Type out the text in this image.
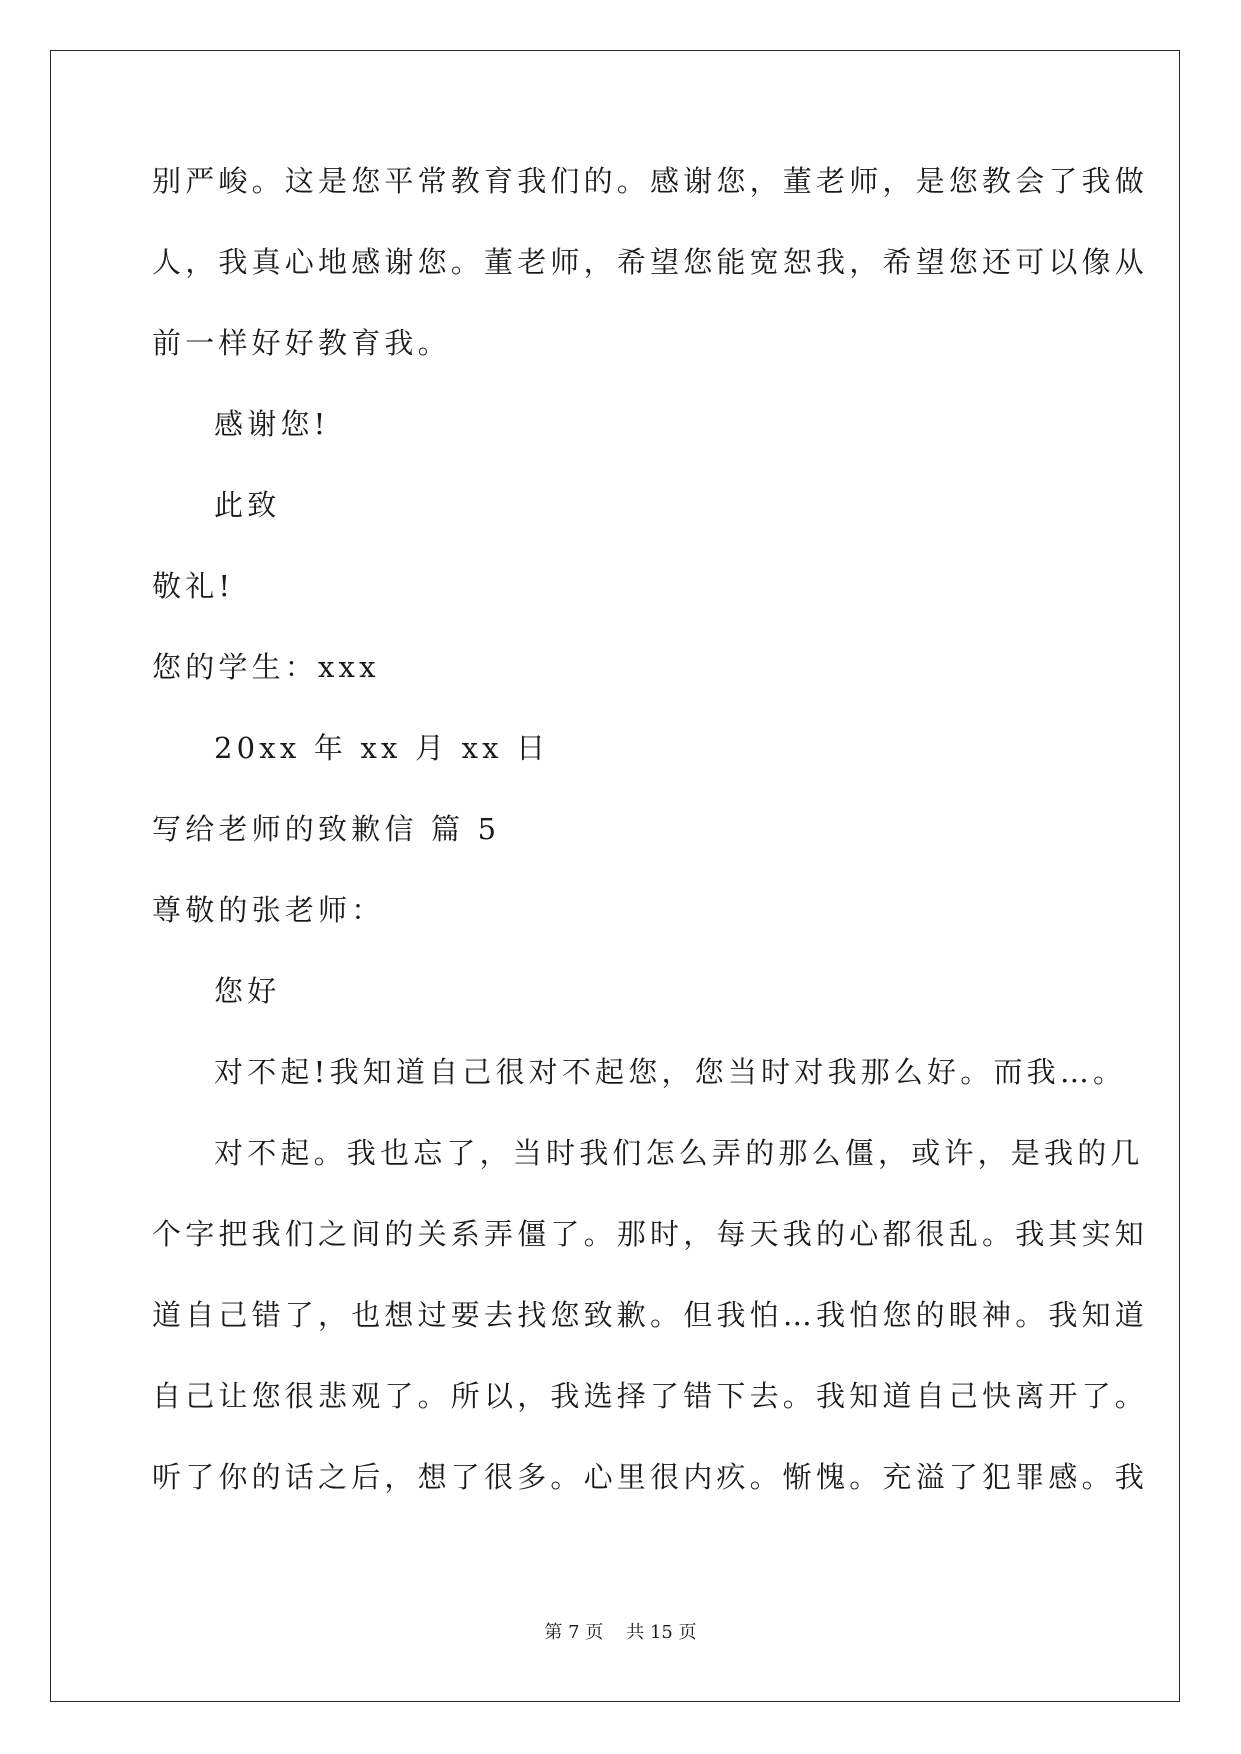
别严峻。这是您平常教育我们的。感谢您，董老师，是您教会了我做
人，我真心地感谢您。董老师，希望您能宽恕我，希望您还可以像从
前一样好好教育我。
感谢您!
此致
敬礼!
您的学生：xxx
20xx 年 xx 月 xx 日
写给老师的致歉信 篇 5
尊敬的张老师：
您好
对不起!我知道自己很对不起您，您当时对我那么好。而我…。
对不起。我也忘了，当时我们怎么弄的那么僵，或许，是我的几
个字把我们之间的关系弄僵了。那时，每天我的心都很乱。我其实知
道自己错了，也想过要去找您致歉。但我怕…我怕您的眼神。我知道
自己让您很悲观了。所以，我选择了错下去。我知道自己快离开了。
听了你的话之后，想了很多。心里很内疚。惭愧。充溢了犯罪感。我
第 7 页 共 15 页
